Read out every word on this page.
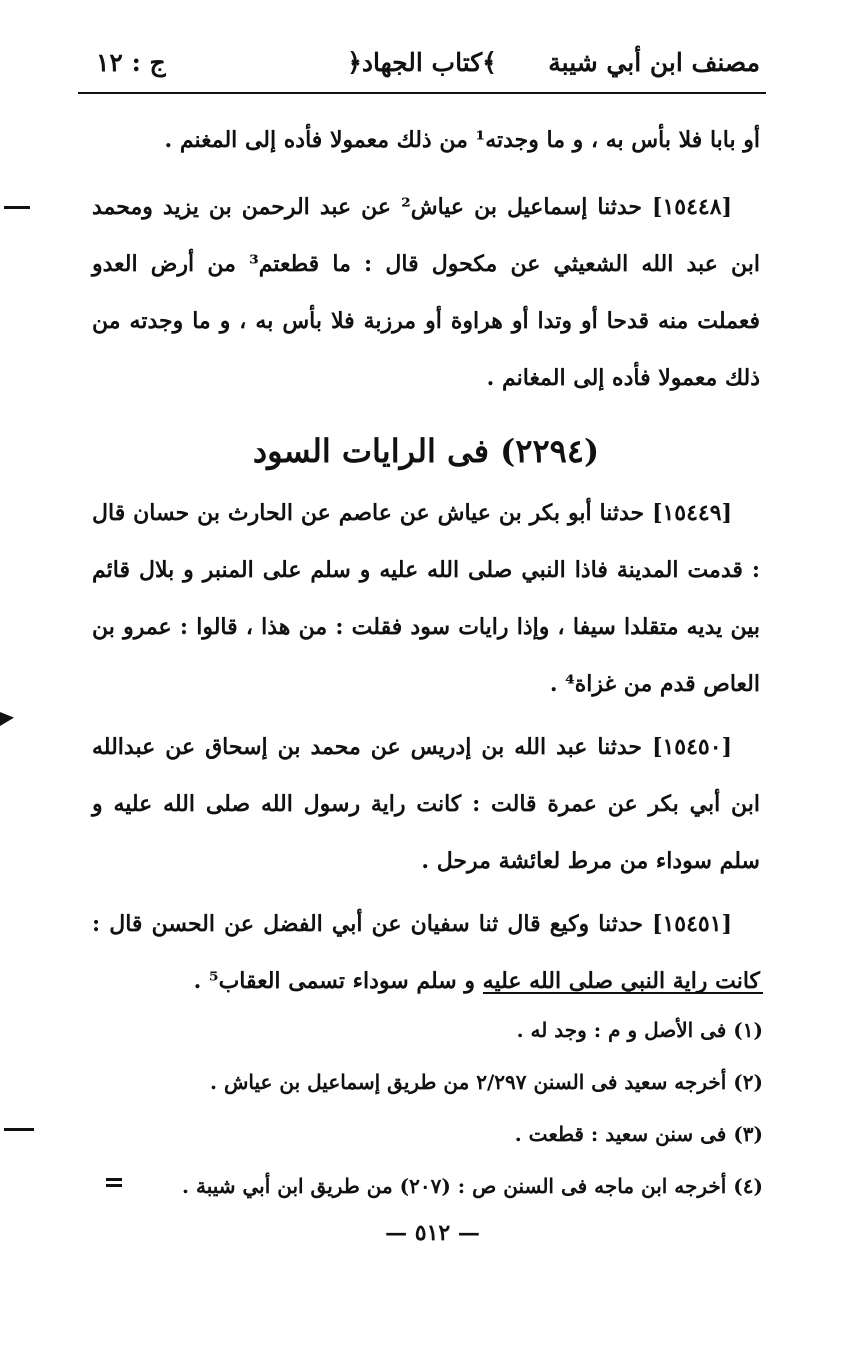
مصنف ابن أبي شيبة
﴿كتاب الجهاد﴾
ج : ١٢

أو بابا فلا بأس به ، و ما وجدته¹ من ذلك معمولا فأده إلى المغنم .

[١٥٤٤٨] حدثنا إسماعيل بن عياش² عن عبد الرحمن بن يزيد ومحمد ابن عبد الله الشعيثي عن مكحول قال : ما قطعتم³ من أرض العدو فعملت منه قدحا أو وتدا أو هراوة أو مرزبة فلا بأس به ، و ما وجدته من ذلك معمولا فأده إلى المغانم .

(٢٢٩٤) فى الرايات السود

[١٥٤٤٩] حدثنا أبو بكر بن عياش عن عاصم عن الحارث بن حسان قال : قدمت المدينة فاذا النبي صلى الله عليه و سلم على المنبر و بلال قائم بين يديه متقلدا سيفا ، وإذا رايات سود فقلت : من هذا ، قالوا : عمرو بن العاص قدم من غزاة⁴ .

[١٥٤٥٠] حدثنا عبد الله بن إدريس عن محمد بن إسحاق عن عبدالله ابن أبي بكر عن عمرة قالت : كانت راية رسول الله صلى الله عليه و سلم سوداء من مرط لعائشة مرحل .

[١٥٤٥١] حدثنا وكيع قال ثنا سفيان عن أبي الفضل عن الحسن قال : كانت راية النبي صلى الله عليه و سلم سوداء تسمى العقاب⁵ .

(١) فى الأصل و م : وجد له .
(٢) أخرجه سعيد فى السنن ٢/٢٩٧ من طريق إسماعيل بن عياش .
(٣) فى سنن سعيد : قطعت .
(٤) أخرجه ابن ماجه فى السنن ص : (٢٠٧) من طريق ابن أبي شيبة .
— ٥١٢ —
